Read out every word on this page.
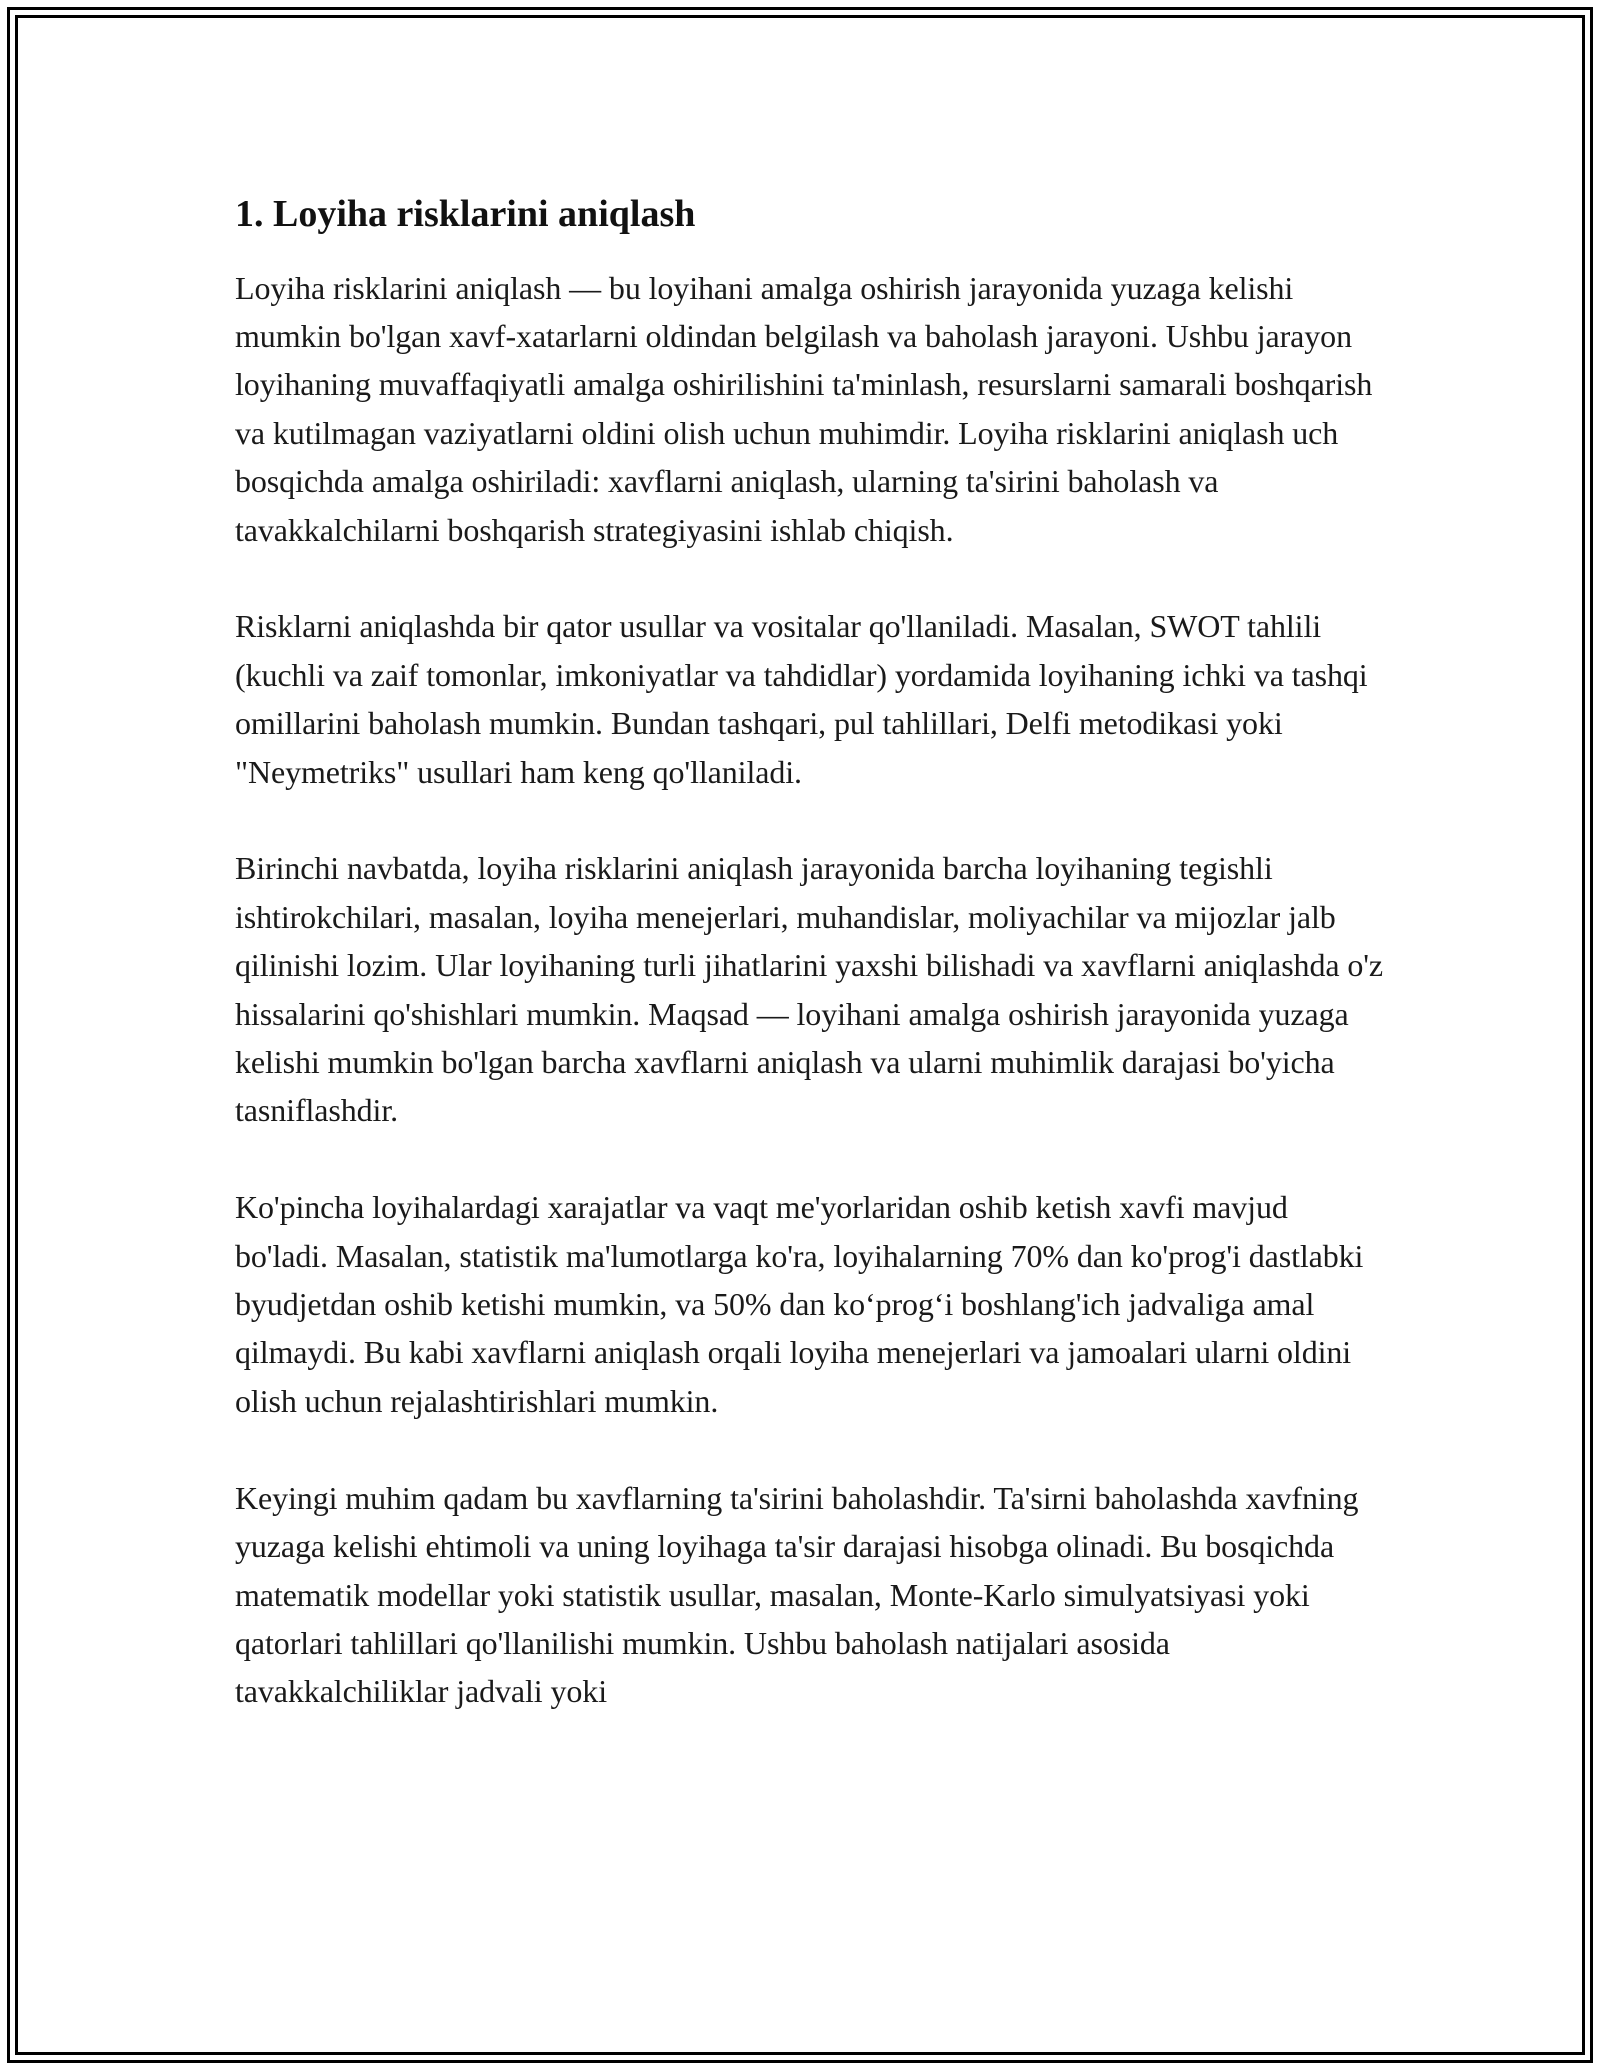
1. Loyiha risklarini aniqlash

Loyiha risklarini aniqlash — bu loyihani amalga oshirish jarayonida yuzaga kelishi mumkin bo'lgan xavf-xatarlarni oldindan belgilash va baholash jarayoni. Ushbu jarayon loyihaning muvaffaqiyatli amalga oshirilishini ta'minlash, resurslarni samarali boshqarish va kutilmagan vaziyatlarni oldini olish uchun muhimdir. Loyiha risklarini aniqlash uch bosqichda amalga oshiriladi: xavflarni aniqlash, ularning ta'sirini baholash va tavakkalchilarni boshqarish strategiyasini ishlab chiqish.

Risklarni aniqlashda bir qator usullar va vositalar qo'llaniladi. Masalan, SWOT tahlili (kuchli va zaif tomonlar, imkoniyatlar va tahdidlar) yordamida loyihaning ichki va tashqi omillarini baholash mumkin. Bundan tashqari, pul tahlillari, Delfi metodikasi yoki "Neymetriks" usullari ham keng qo'llaniladi.

Birinchi navbatda, loyiha risklarini aniqlash jarayonida barcha loyihaning tegishli ishtirokchilari, masalan, loyiha menejerlari, muhandislar, moliyachilar va mijozlar jalb qilinishi lozim. Ular loyihaning turli jihatlarini yaxshi bilishadi va xavflarni aniqlashda o'z hissalarini qo'shishlari mumkin. Maqsad — loyihani amalga oshirish jarayonida yuzaga kelishi mumkin bo'lgan barcha xavflarni aniqlash va ularni muhimlik darajasi bo'yicha tasniflashdir.

Ko'pincha loyihalardagi xarajatlar va vaqt me'yorlaridan oshib ketish xavfi mavjud bo'ladi. Masalan, statistik ma'lumotlarga ko'ra, loyihalarning 70% dan ko'prog'i dastlabki byudjetdan oshib ketishi mumkin, va 50% dan ko‘prog‘i boshlang'ich jadvaliga amal qilmaydi. Bu kabi xavflarni aniqlash orqali loyiha menejerlari va jamoalari ularni oldini olish uchun rejalashtirishlari mumkin.

Keyingi muhim qadam bu xavflarning ta'sirini baholashdir. Ta'sirni baholashda xavfning yuzaga kelishi ehtimoli va uning loyihaga ta'sir darajasi hisobga olinadi. Bu bosqichda matematik modellar yoki statistik usullar, masalan, Monte-Karlo simulyatsiyasi yoki qatorlari tahlillari qo'llanilishi mumkin. Ushbu baholash natijalari asosida tavakkalchiliklar jadvali yoki
